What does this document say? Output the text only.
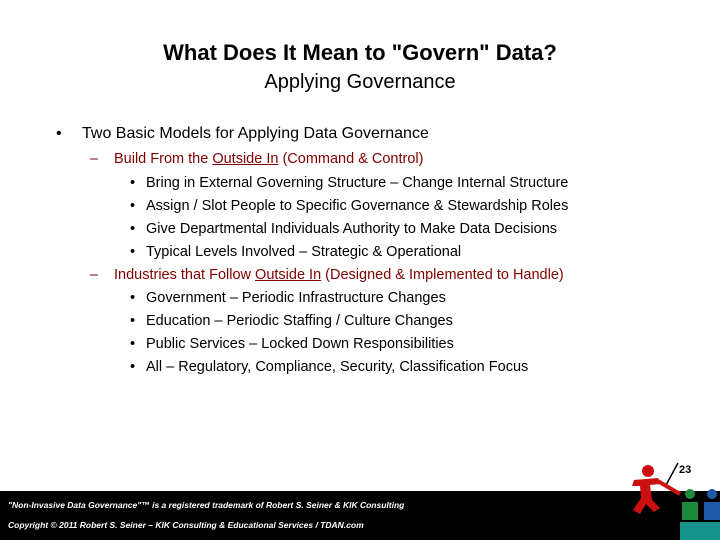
What Does It Mean to "Govern" Data?
Applying Governance
• Two Basic Models for Applying Data Governance
– Build From the Outside In (Command & Control)
• Bring in External Governing Structure – Change Internal Structure
• Assign / Slot People to Specific Governance & Stewardship Roles
• Give Departmental Individuals Authority to Make Data Decisions
• Typical Levels Involved – Strategic & Operational
– Industries that Follow Outside In (Designed & Implemented to Handle)
• Government – Periodic Infrastructure Changes
• Education – Periodic Staffing / Culture Changes
• Public Services – Locked Down Responsibilities
• All – Regulatory, Compliance, Security, Classification Focus
"Non-Invasive Data Governance"™ is a registered trademark of Robert S. Seiner & KIK Consulting
Copyright © 2011 Robert S. Seiner – KIK Consulting & Educational Services / TDAN.com
23
